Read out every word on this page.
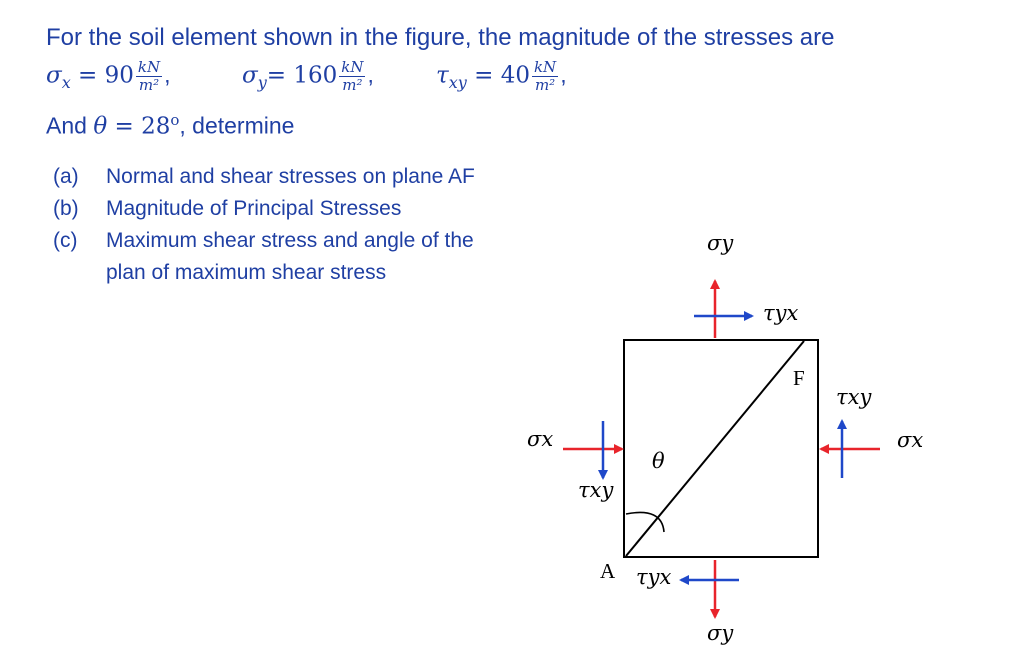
For the soil element shown in the figure, the magnitude of the stresses are
$\sigma_x = 90 \frac{kN}{\text{m²}}$ ,	$\sigma_y= 160 \frac{kN}{\text{m²}}$ ,	$\tau_{xy} = 40 \frac{kN}{\text{m²}}$ ,
And $\theta = 28^o$, determine
(a) Normal and shear stresses on plane AF
(b) Magnitude of Principal Stresses
(c) Maximum shear stress and angle of the
plan of maximum shear stress
σy
τyx
τxy
σx
σx
τxy
θ
τyx
σy
F
A
